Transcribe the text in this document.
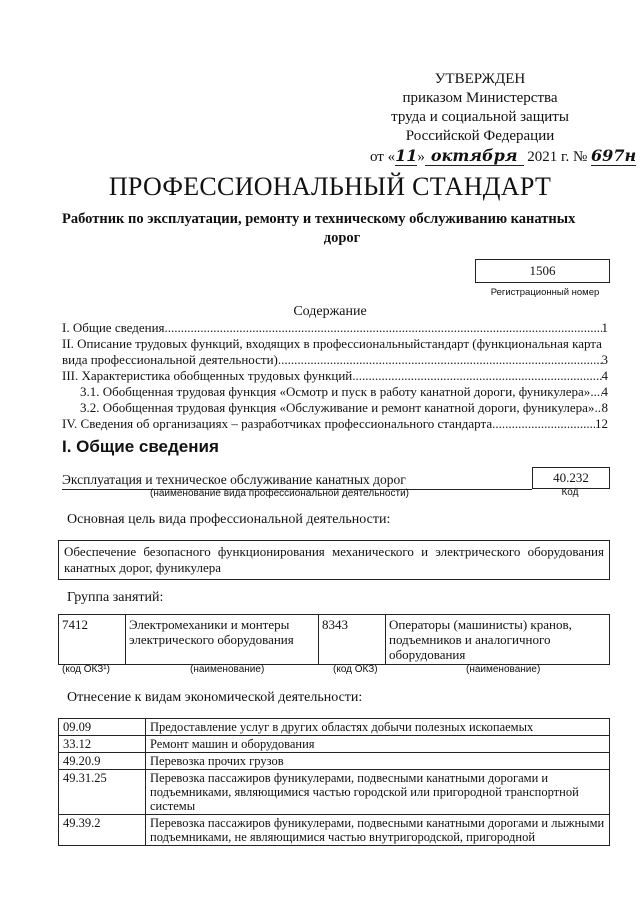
УТВЕРЖДЕН
приказом Министерства
труда и социальной защиты
Российской Федерации
от «11» октября 2021 г. № 697н
ПРОФЕССИОНАЛЬНЫЙ СТАНДАРТ
Работник по эксплуатации, ремонту и техническому обслуживанию канатных
дорог
1506
Регистрационный номер
Содержание
I. Общие сведения .....	1
II. Описание трудовых функций, входящих в профессиональныйстандарт (функциональная карта
вида профессиональной деятельности) .....	3
III. Характеристика обобщенных трудовых функций .....	4
3.1. Обобщенная трудовая функция «Осмотр и пуск в работу канатной дороги, фуникулера» ..... 4
3.2. Обобщенная трудовая функция «Обслуживание и ремонт канатной дороги, фуникулера» ..... 8
IV. Сведения об организациях – разработчиках профессионального стандарта .....	12
I. Общие сведения
Эксплуатация и техническое обслуживание канатных дорог
(наименование вида профессиональной деятельности)
40.232
Код
Основная цель вида профессиональной деятельности:
Обеспечение безопасного функционирования механического и электрического оборудования канатных дорог, фуникулера
Группа занятий:
7412	Электромеханики и монтеры электрического оборудования	8343	Операторы (машинисты) кранов, подъемников и аналогичного оборудования
(код ОКЗ¹)	(наименование)	(код ОКЗ)	(наименование)
Отнесение к видам экономической деятельности:
09.09	Предоставление услуг в других областях добычи полезных ископаемых
33.12	Ремонт машин и оборудования
49.20.9	Перевозка прочих грузов
49.31.25	Перевозка пассажиров фуникулерами, подвесными канатными дорогами и подъемниками, являющимися частью городской или пригородной транспортной системы
49.39.2	Перевозка пассажиров фуникулерами, подвесными канатными дорогами и лыжными подъемниками, не являющимися частью внутригородской, пригородной
